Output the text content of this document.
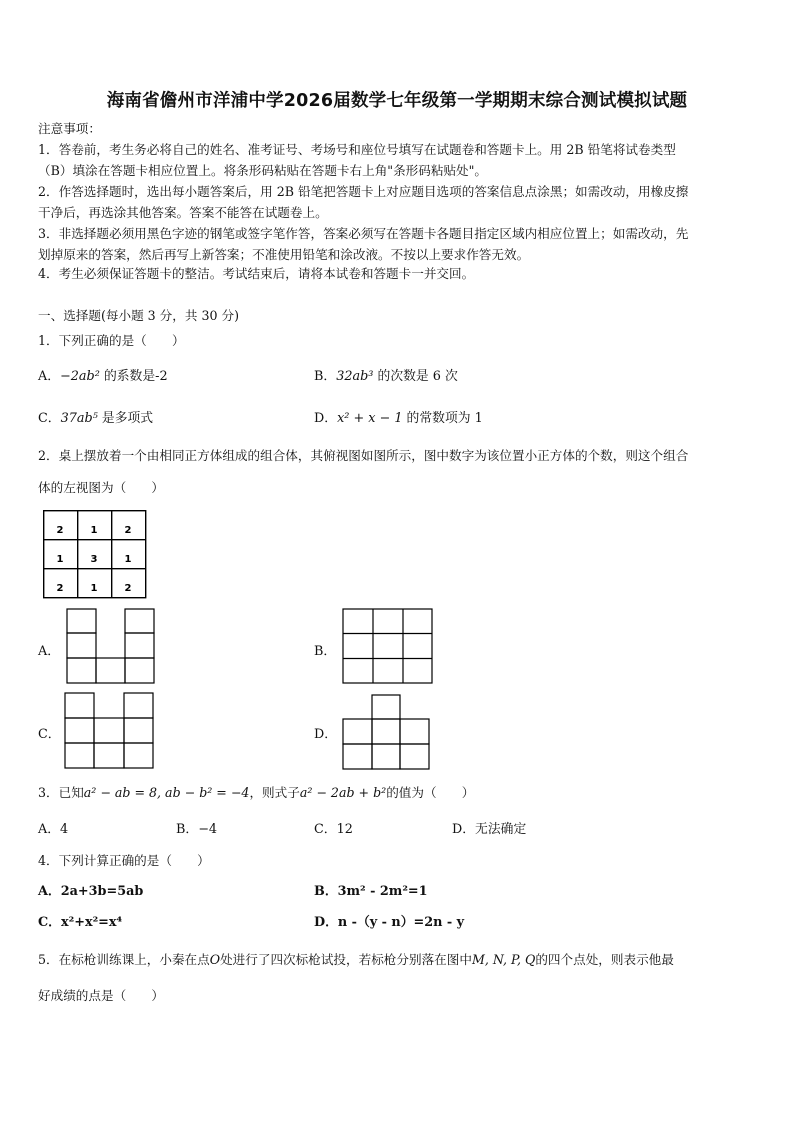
海南省儋州市洋浦中学2026届数学七年级第一学期期末综合测试模拟试题
注意事项：
1．答卷前，考生务必将自己的姓名、准考证号、考场号和座位号填写在试题卷和答题卡上。用 2B 铅笔将试卷类型
（B）填涂在答题卡相应位置上。将条形码粘贴在答题卡右上角"条形码粘贴处"。
2．作答选择题时，选出每小题答案后，用 2B 铅笔把答题卡上对应题目选项的答案信息点涂黑；如需改动，用橡皮擦
干净后，再选涂其他答案。答案不能答在试题卷上。
3．非选择题必须用黑色字迹的钢笔或签字笔作答，答案必须写在答题卡各题目指定区域内相应位置上；如需改动，先
划掉原来的答案，然后再写上新答案；不准使用铅笔和涂改液。不按以上要求作答无效。
4．考生必须保证答题卡的整洁。考试结束后，请将本试卷和答题卡一并交回。
一、选择题(每小题 3 分，共 30 分)
1．下列正确的是（　　）
A．−2ab² 的系数是-2	B．32ab³ 的次数是 6 次
C．37ab⁵ 是多项式	D．x² + x − 1 的常数项为 1
2．桌上摆放着一个由相同正方体组成的组合体，其俯视图如图所示，图中数字为该位置小正方体的个数，则这个组合
体的左视图为（　　）
2	1	2
1	3	1
2	1	2
A．	B．
C．	D．
3．已知a² − ab = 8, ab − b² = −4，则式子a² − 2ab + b²的值为（　　）
A．4	B．−4	C．12	D．无法确定
4．下列计算正确的是（　　）
A．2a+3b=5ab	B．3m² - 2m²=1
C．x²+x²=x⁴	D．n -（y - n）=2n - y
5．在标枪训练课上，小秦在点O处进行了四次标枪试投，若标枪分别落在图中M, N, P, Q的四个点处，则表示他最
好成绩的点是（　　）
